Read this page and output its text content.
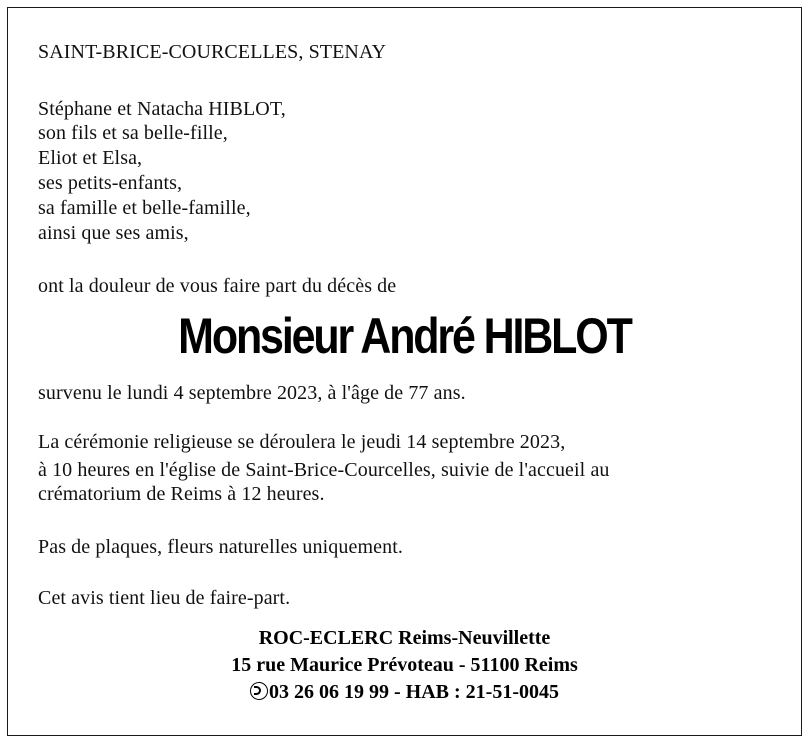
SAINT-BRICE-COURCELLES, STENAY
Stéphane et Natacha HIBLOT,
son fils et sa belle-fille,
Eliot et Elsa,
ses petits-enfants,
sa famille et belle-famille,
ainsi que ses amis,
ont la douleur de vous faire part du décès de
Monsieur André HIBLOT
survenu le lundi 4 septembre 2023, à l'âge de 77 ans.
La cérémonie religieuse se déroulera le jeudi 14 septembre 2023,
à 10 heures en l'église de Saint-Brice-Courcelles, suivie de l'accueil au
crématorium de Reims à 12 heures.
Pas de plaques, fleurs naturelles uniquement.
Cet avis tient lieu de faire-part.
ROC-ECLERC Reims-Neuvillette
15 rue Maurice Prévoteau - 51100 Reims
03 26 06 19 99 - HAB : 21-51-0045
